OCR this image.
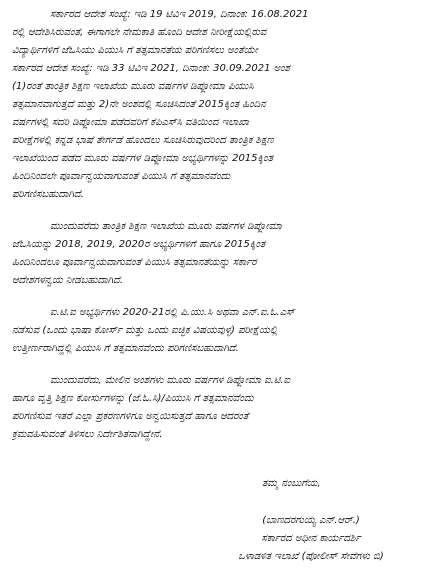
ಸರ್ಕಾರದ ಆದೇಶ ಸಂಖ್ಯೆ: ಇಡಿ 19 ಟಿವಿಇ 2019, ದಿನಾಂಕ: 16.08.2021
ರಲ್ಲಿ ಆದೇಶಿಸಿರುವಂತೆ, ಈಗಾಗಲೇ ನೇಮಕಾತಿ ಹೊಂದಿ ಆದೇಶ ನೀರೀಕ್ಷೆಯಲ್ಲಿರುವ
ವಿದ್ಯಾರ್ಥಿಗಳಿಗೆ ಜೆಓಸಿಯು ಪಿಯುಸಿ ಗೆ ತತ್ಸಮಾನತೆಯ ಪರಿಗಣಿಸಲು ಅಂತೆಯೇ
ಸರ್ಕಾರದ ಆದೇಶ ಸಂಖ್ಯೆ: ಇಡಿ 33 ಟಿವಿಇ 2021, ದಿನಾಂಕ: 30.09.2021 ಅಂಶ
(1)ರಂತೆ ತಾಂತ್ರಿಕ ಶಿಕ್ಷಣ ಇಲಾಖೆಯ ಮೂರು ವರ್ಷಗಳ ಡಿಪ್ಲೋಮಾ ಪಿಯುಸಿ
ತತ್ಸಮಾನವಾಗುತ್ತದೆ ಮತ್ತು 2)ನೇ ಅಂಶದಲ್ಲಿ ಸೂಚಿಸಿದಂತೆ 2015ಕ್ಕಿಂತ ಹಿಂದಿನ
ವರ್ಷಗಳಲ್ಲಿ ಸದರಿ ಡಿಪ್ಲೋಮಾ ಪಡೆದವರಿಗೆ ಕೆಪಿಎಸ್‌ಸಿ ವತಿಯಿಂದ ಇಲಾಖಾ
ಪರೀಕ್ಷೆಗಳಲ್ಲಿ ಕನ್ನಡ ಭಾಷೆ ತೇರ್ಗಡೆ ಹೊಂದಲು ಸೂಚಿಸಿರುವುದರಿಂದ ತಾಂತ್ರಿಕ ಶಿಕ್ಷಣ
ಇಲಾಖೆಯಿಂದ ಪಡೆದ ಮೂರು ವರ್ಷಗಳ ಡಿಪ್ಲೋಮಾ ಅಭ್ಯರ್ಥಿಗಳನ್ನು 2015ಕ್ಕಿಂತ
ಹಿಂದಿನಿಂದಲೇ ಪೂರ್ವಾನ್ವಯವಾಗುವಂತೆ ಪಿಯುಸಿ ಗೆ ತತ್ಸಮಾನವೆಂದು
ಪರಿಗಣಿಸಬಹುದಾಗಿದೆ.
ಮುಂದುವರೆದು ತಾಂತ್ರಿಕ ಶಿಕ್ಷಣ ಇಲಾಖೆಯ ಮೂರು ವರ್ಷಗಳ ಡಿಪ್ಲೋಮಾ
ಜೆಓಸಿಯನ್ನು 2018, 2019, 2020ರ ಅಭ್ಯರ್ಥಿಗಳಿಗೆ ಹಾಗೂ 2015ಕ್ಕಿಂತ
ಹಿಂದಿನಿಂದಲೂ ಪೂರ್ವಾನ್ವಯವಾಗುವಂತೆ ಪಿಯುಸಿ ತತ್ಸಮಾನತೆಯನ್ನು ಸರ್ಕಾರ
ಆದೇಶಗಳನ್ವಯ ನೀಡಬಹುದಾಗಿದೆ.
ಐ.ಟಿ.ಐ ಅಭ್ಯರ್ಥಿಗಳು 2020-21ರಲ್ಲಿ ಪಿ.ಯು.ಸಿ ಅಥವಾ ಎನ್.ಐ.ಓ.ಎಸ್
ನಡೆಸುವ (ಒಂದು ಭಾಷಾ ಕೋರ್ಸ್ ಮತ್ತು ಒಂದು ಐಚ್ಛಿಕ ವಿಷಯವುಳ್ಳ) ಪರೀಕ್ಷೆಯಲ್ಲಿ
ಉತ್ತೀರ್ಣರಾಗಿದ್ದಲ್ಲಿ ಪಿಯುಸಿ ಗೆ ತತ್ಸಮಾನವೆಂದು ಪರಿಗಣಿಸಬಹುದಾಗಿದೆ.
ಮುಂದುವರೆದು, ಮೇಲಿನ ಅಂಶಗಳು ಮೂರು ವರ್ಷಗಳ ಡಿಪ್ಲೋಮಾ ಐ.ಟಿ.ಐ
ಹಾಗೂ ವೃತ್ತಿ ಶಿಕ್ಷಣ ಕೋರ್ಸುಗಳನ್ನು (ಜೆ.ಓ.ಸಿ)/ಪಿಯುಸಿ ಗೆ ತತ್ಸಮಾನವೆಂದು
ಪರಿಗಣಿಸುವ ಇತರೆ ಎಲ್ಲಾ ಪ್ರಕರಣಗಳಿಗೂ ಅನ್ವಯಿಸುತ್ತದೆ ಹಾಗೂ ಆದರಂತೆ
ಕ್ರಮವಹಿಸುವಂತೆ ತಿಳಿಸಲು ನಿರ್ದೇಶಿತನಾಗಿದ್ದೇನೆ.
ತಮ್ಮ ನಂಬುಗೆಯ,
(ಬಾಣದರಗುಯ್ಯ ಎನ್.ಆರ್.)
ಸರ್ಕಾರದ ಅಧೀನ ಕಾರ್ಯದರ್ಶಿ
ಒಳಾಡಳಿತ ಇಲಾಖೆ (ಪೋಲೀಸ್ ಸೇವೆಗಳು ಬಿ)
